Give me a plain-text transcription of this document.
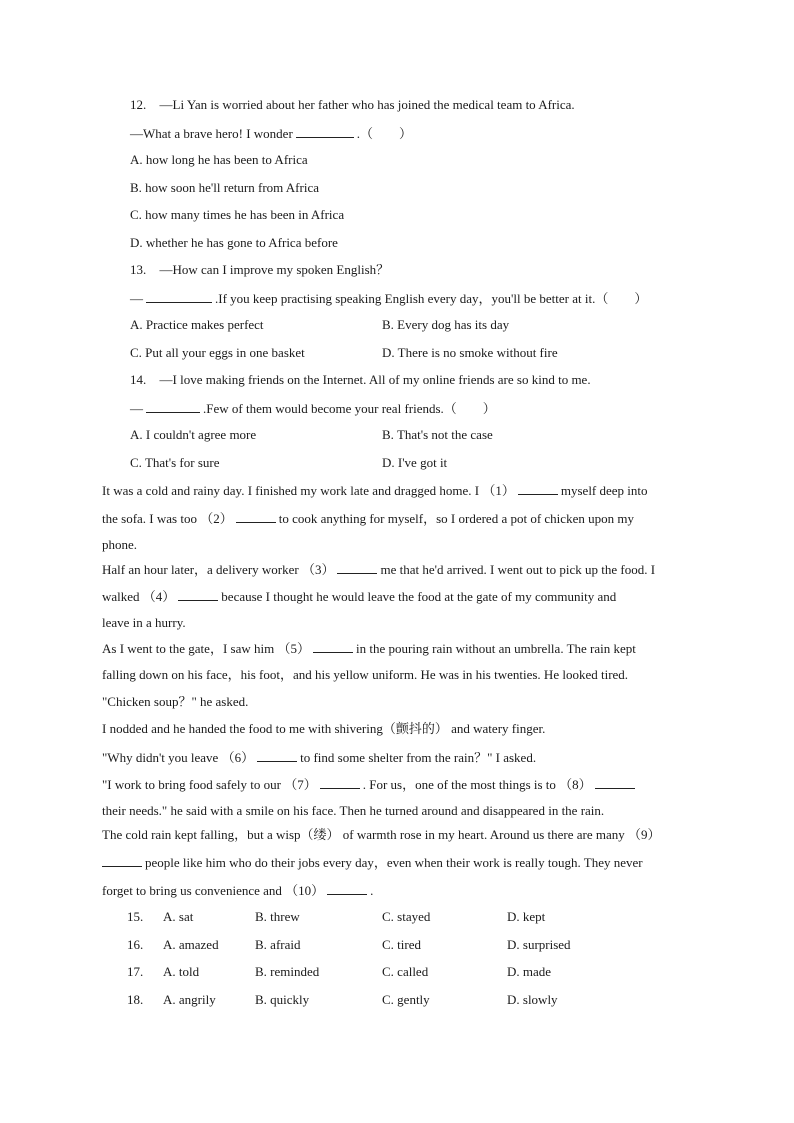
12. —Li Yan is worried about her father who has joined the medical team to Africa.
—What a brave hero! I wonder	.（　　）
A. how long he has been to Africa
B. how soon he'll return from Africa
C. how many times he has been in Africa
D. whether he has gone to Africa before
13. —How can I improve my spoken English？
—	.If you keep practising speaking English every day，you'll be better at it.（　　）
A. Practice makes perfect	B. Every dog has its day
C. Put all your eggs in one basket	D. There is no smoke without fire
14. —I love making friends on the Internet. All of my online friends are so kind to me.
—	.Few of them would become your real friends.（　　）
A. I couldn't agree more	B. That's not the case
C. That's for sure	D. I've got it
It was a cold and rainy day. I finished my work late and dragged home. I （1）	myself deep into
the sofa. I was too （2）	to cook anything for myself，so I ordered a pot of chicken upon my
phone.
Half an hour later，a delivery worker （3）	me that he'd arrived. I went out to pick up the food. I
walked （4）	because I thought he would leave the food at the gate of my community and
leave in a hurry.
As I went to the gate，I saw him （5）	in the pouring rain without an umbrella. The rain kept
falling down on his face，his foot，and his yellow uniform. He was in his twenties. He looked tired.
"Chicken soup？" he asked.
I nodded and he handed the food to me with shivering（颤抖的） and watery finger.
"Why didn't you leave （6）	to find some shelter from the rain？" I asked.
"I work to bring food safely to our （7）	. For us，one of the most things is to （8）
their needs." he said with a smile on his face. Then he turned around and disappeared in the rain.
The cold rain kept falling，but a wisp（缕） of warmth rose in my heart. Around us there are many （9）
people like him who do their jobs every day，even when their work is really tough. They never
forget to bring us convenience and （10）	.
15. A. sat	B. threw	C. stayed	D. kept
16. A. amazed	B. afraid	C. tired	D. surprised
17. A. told	B. reminded	C. called	D. made
18. A. angrily	B. quickly	C. gently	D. slowly
